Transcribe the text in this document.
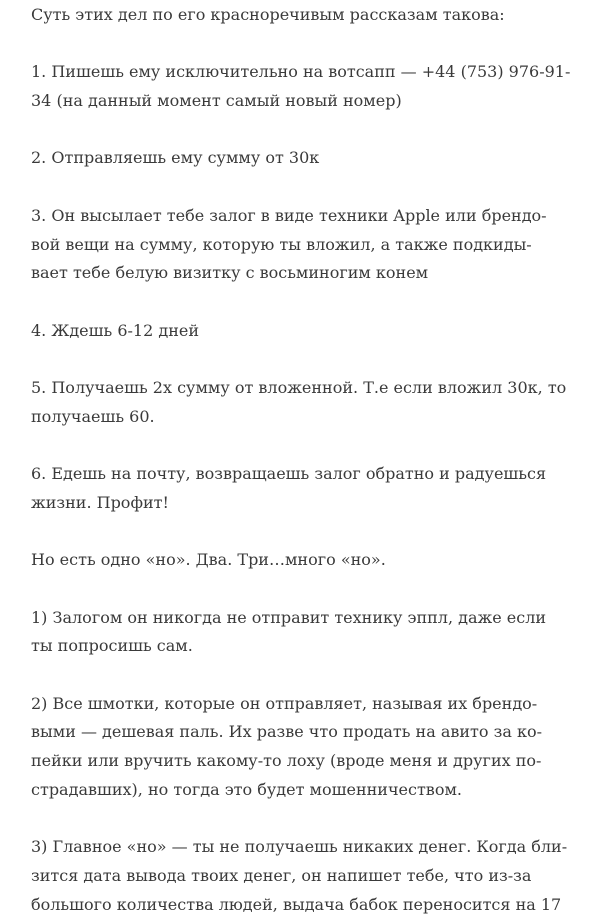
Суть этих дел по его красноречивым рассказам такова:

1. Пишешь ему исключительно на вотсапп — +44 (753) 976-91-
34 (на данный момент самый новый номер)

2. Отправляешь ему сумму от 30к

3. Он высылает тебе залог в виде техники Apple или брендо-
вой вещи на сумму, которую ты вложил, а также подкиды-
вает тебе белую визитку с восьминогим конем

4. Ждешь 6-12 дней

5. Получаешь 2х сумму от вложенной. Т.е если вложил 30к, то
получаешь 60.

6. Едешь на почту, возвращаешь залог обратно и радуешься
жизни. Профит!

Но есть одно «но». Два. Три…много «но».

1) Залогом он никогда не отправит технику эппл, даже если
ты попросишь сам.

2) Все шмотки, которые он отправляет, называя их брендо-
выми — дешевая паль. Их разве что продать на авито за ко-
пейки или вручить какому-то лоху (вроде меня и других по-
страдавших), но тогда это будет мошенничеством.

3) Главное «но» — ты не получаешь никаких денег. Когда бли-
зится дата вывода твоих денег, он напишет тебе, что из-за
большого количества людей, выдача бабок переносится на 17
